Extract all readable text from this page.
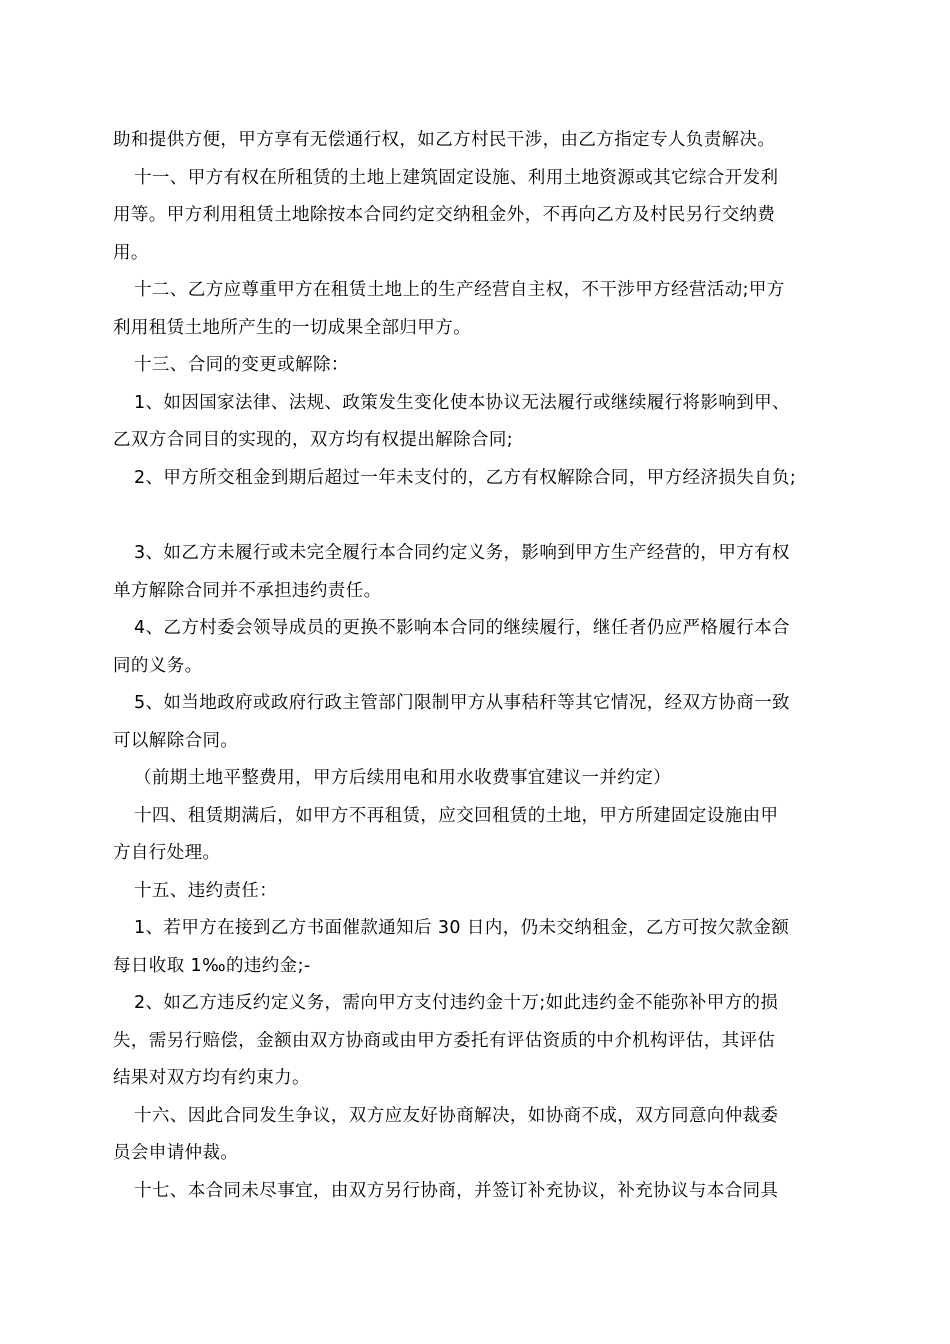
助和提供方便，甲方享有无偿通行权，如乙方村民干涉，由乙方指定专人负责解决。

十一、甲方有权在所租赁的土地上建筑固定设施、利用土地资源或其它综合开发利

用等。甲方利用租赁土地除按本合同约定交纳租金外，不再向乙方及村民另行交纳费

用。

十二、乙方应尊重甲方在租赁土地上的生产经营自主权，不干涉甲方经营活动;甲方

利用租赁土地所产生的一切成果全部归甲方。

十三、合同的变更或解除：

1、如因国家法律、法规、政策发生变化使本协议无法履行或继续履行将影响到甲、

乙双方合同目的实现的，双方均有权提出解除合同;

2、甲方所交租金到期后超过一年未支付的，乙方有权解除合同，甲方经济损失自负;

3、如乙方未履行或未完全履行本合同约定义务，影响到甲方生产经营的，甲方有权

单方解除合同并不承担违约责任。

4、乙方村委会领导成员的更换不影响本合同的继续履行，继任者仍应严格履行本合

同的义务。

5、如当地政府或政府行政主管部门限制甲方从事秸秆等其它情况，经双方协商一致

可以解除合同。

（前期土地平整费用，甲方后续用电和用水收费事宜建议一并约定）

十四、租赁期满后，如甲方不再租赁，应交回租赁的土地，甲方所建固定设施由甲

方自行处理。

十五、违约责任：

1、若甲方在接到乙方书面催款通知后 30 日内，仍未交纳租金，乙方可按欠款金额

每日收取 1‰的违约金;-

2、如乙方违反约定义务，需向甲方支付违约金十万;如此违约金不能弥补甲方的损

失，需另行赔偿，金额由双方协商或由甲方委托有评估资质的中介机构评估，其评估

结果对双方均有约束力。

十六、因此合同发生争议，双方应友好协商解决，如协商不成，双方同意向仲裁委

员会申请仲裁。

十七、本合同未尽事宜，由双方另行协商，并签订补充协议，补充协议与本合同具
